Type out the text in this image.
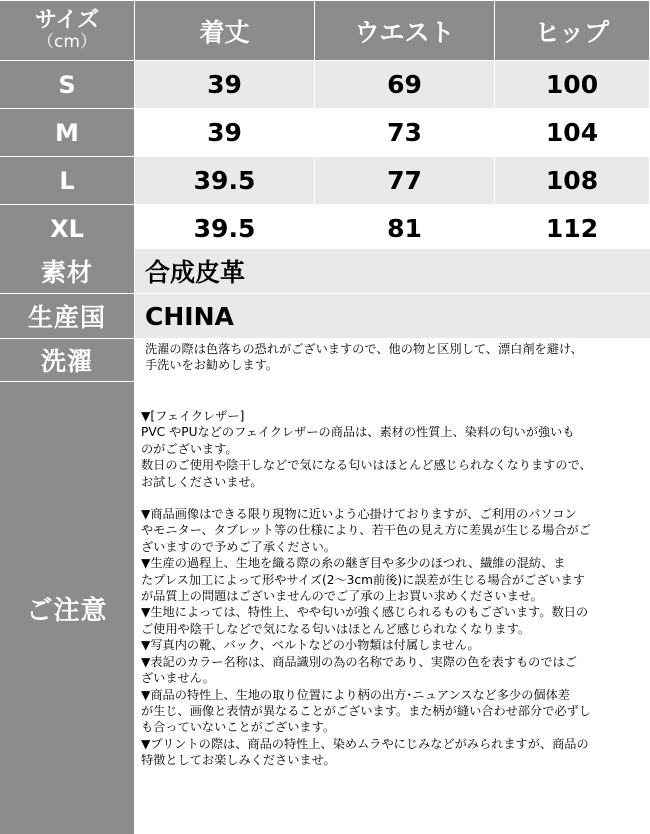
サイズ
（cm）	着丈	ウエスト	ヒップ
S	39	69	100
M	39	73	104
L	39.5	77	108
XL	39.5	81	112
素材	合成皮革
生産国	CHINA
洗濯	洗濯の際は色落ちの恐れがございますので、他の物と区別して、漂白剤を避け、
手洗いをお勧めします。
ご注意
▼[フェイクレザー]
PVC やPUなどのフェイクレザーの商品は、素材の性質上、染料の匂いが強いも
のがございます。
数日のご使用や陰干しなどで気になる匂いはほとんど感じられなくなりますので、
お試しくださいませ。
▼商品画像はできる限り現物に近いよう心掛けておりますが、ご利用のパソコン
やモニター、タブレット等の仕様により、若干色の見え方に差異が生じる場合がご
ざいますので予めご了承ください。
▼生産の過程上、生地を織る際の糸の継ぎ目や多少のほつれ、繊維の混紡、ま
たプレス加工によって形やサイズ(2〜3cm前後)に誤差が生じる場合がございます
が品質上の問題はございませんのでご了承の上お買い求めくださいませ。
▼生地によっては、特性上、やや匂いが強く感じられるものもございます。数日の
ご使用や陰干しなどで気になる匂いはほとんど感じられなくなります。
▼写真内の靴、バック、ベルトなどの小物類は付属しません。
▼表記のカラー名称は、商品識別の為の名称であり、実際の色を表すものではご
ざいません。
▼商品の特性上、生地の取り位置により柄の出方･ニュアンスなど多少の個体差
が生じ、画像と表情が異なることがございます。また柄が縫い合わせ部分で必ずし
も合っていないことがございます。
▼プリントの際は、商品の特性上、染めムラやにじみなどがみられますが、商品の
特徴としてお楽しみくださいませ。
